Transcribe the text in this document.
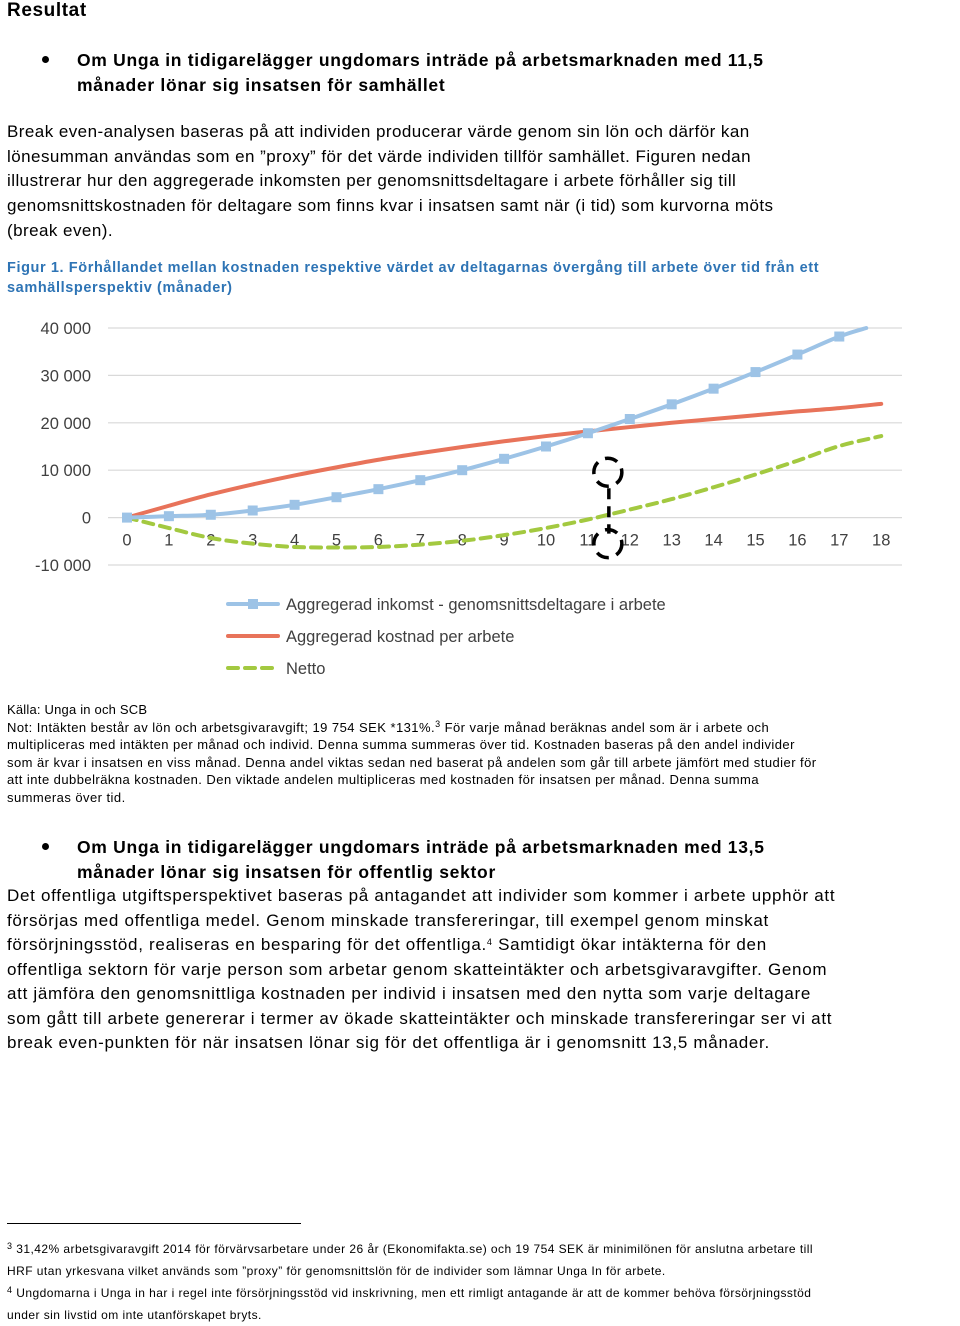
Resultat
Om Unga in tidigarelägger ungdomars inträde på arbetsmarknaden med 11,5
månader lönar sig insatsen för samhället
Break even-analysen baseras på att individen producerar värde genom sin lön och därför kan
lönesumman användas som en ”proxy” för det värde individen tillför samhället. Figuren nedan
illustrerar hur den aggregerade inkomsten per genomsnittsdeltagare i arbete förhåller sig till
genomsnittskostnaden för deltagare som finns kvar i insatsen samt när (i tid) som kurvorna möts
(break even).
Figur 1. Förhållandet mellan kostnaden respektive värdet av deltagarnas övergång till arbete över tid från ett
samhällsperspektiv (månader)
40 000
30 000
20 000
10 000
0
-10 000
0 1 2 3 4 5 6 7 8 9 10 11 12 13 14 15 16 17 18
Aggregerad inkomst - genomsnittsdeltagare i arbete
Aggregerad kostnad per arbete
Netto
Källa: Unga in och SCB
Not: Intäkten består av lön och arbetsgivaravgift; 19 754 SEK *131%.$^3$ För varje månad beräknas andel som är i arbete och
multipliceras med intäkten per månad och individ. Denna summa summeras över tid. Kostnaden baseras på den andel individer
som är kvar i insatsen en viss månad. Denna andel viktas sedan ned baserat på andelen som går till arbete jämfört med studier för
att inte dubbelräkna kostnaden. Den viktade andelen multipliceras med kostnaden för insatsen per månad. Denna summa
summeras över tid.
Om Unga in tidigarelägger ungdomars inträde på arbetsmarknaden med 13,5
månader lönar sig insatsen för offentlig sektor
Det offentliga utgiftsperspektivet baseras på antagandet att individer som kommer i arbete upphör att
försörjas med offentliga medel. Genom minskade transfereringar, till exempel genom minskat
försörjningsstöd, realiseras en besparing för det offentliga.$^4$ Samtidigt ökar intäkterna för den
offentliga sektorn för varje person som arbetar genom skatteintäkter och arbetsgivaravgifter. Genom
att jämföra den genomsnittliga kostnaden per individ i insatsen med den nytta som varje deltagare
som gått till arbete genererar i termer av ökade skatteintäkter och minskade transfereringar ser vi att
break even-punkten för när insatsen lönar sig för det offentliga är i genomsnitt 13,5 månader.
$^3$ 31,42% arbetsgivaravgift 2014 för förvärvsarbetare under 26 år (Ekonomifakta.se) och 19 754 SEK är minimilönen för anslutna arbetare till
HRF utan yrkesvana vilket används som ”proxy” för genomsnittslön för de individer som lämnar Unga In för arbete.
$^4$ Ungdomarna i Unga in har i regel inte försörjningsstöd vid inskrivning, men ett rimligt antagande är att de kommer behöva försörjningsstöd
under sin livstid om inte utanförskapet bryts.
